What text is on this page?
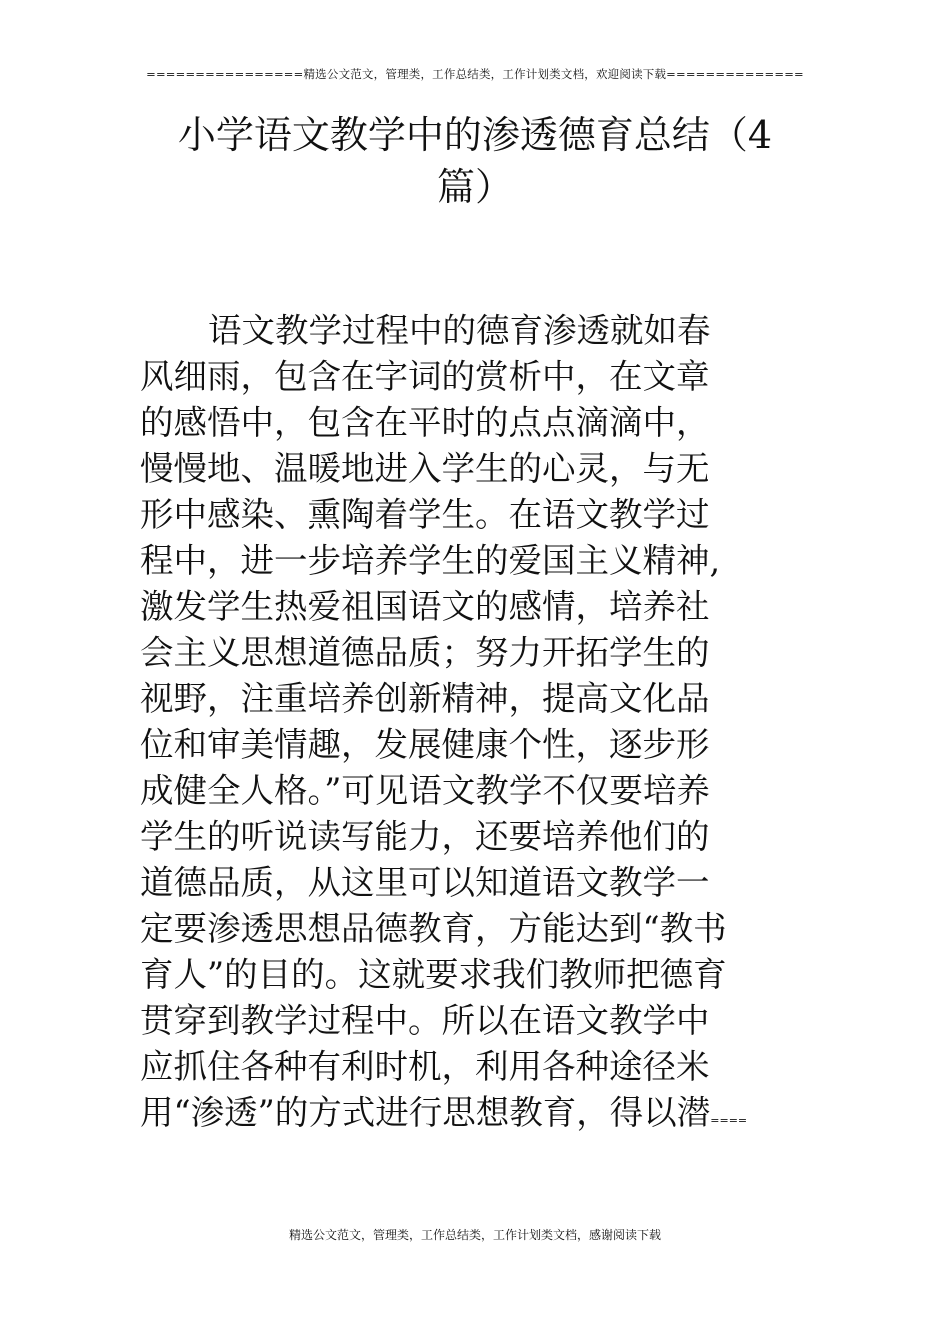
================精选公文范文，管理类，工作总结类，工作计划类文档，欢迎阅读下载==============
小学语文教学中的渗透德育总结（4
篇）
语文教学过程中的德育渗透就如春
风细雨，包含在字词的赏析中，在文章
的感悟中，包含在平时的点点滴滴中，
慢慢地、温暖地进入学生的心灵，与无
形中感染、熏陶着学生。在语文教学过
程中，进一步培养学生的爱国主义精神,
激发学生热爱祖国语文的感情，培养社
会主义思想道德品质；努力开拓学生的
视野，注重培养创新精神，提高文化品
位和审美情趣，发展健康个性，逐步形
成健全人格。”可见语文教学不仅要培养
学生的听说读写能力，还要培养他们的
道德品质，从这里可以知道语文教学一
定要渗透思想品德教育，方能达到“教书
育人”的目的。这就要求我们教师把德育
贯穿到教学过程中。所以在语文教学中
应抓住各种有利时机，利用各种途径米
用“渗透”的方式进行思想教育，得以潜====
精选公文范文，管理类，工作总结类，工作计划类文档，感谢阅读下载
